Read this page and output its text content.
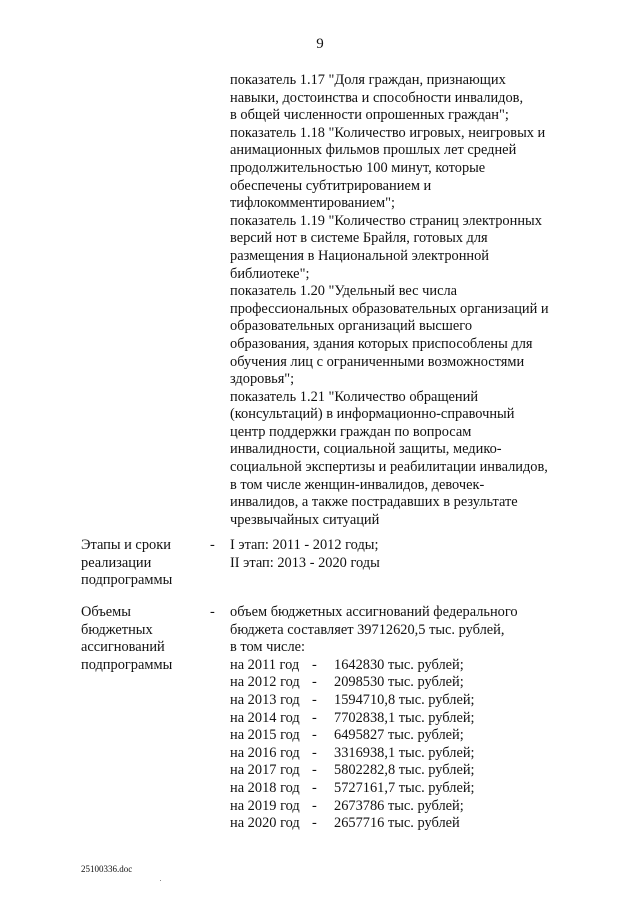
9
показатель 1.17 "Доля граждан, признающих
навыки, достоинства и способности инвалидов,
в общей численности опрошенных граждан";
показатель 1.18 "Количество игровых, неигровых и
анимационных фильмов прошлых лет средней
продолжительностью 100 минут, которые
обеспечены субтитрированием и
тифлокомментированием";
показатель 1.19 "Количество страниц электронных
версий нот в системе Брайля, готовых для
размещения в Национальной электронной
библиотеке";
показатель 1.20 "Удельный вес числа
профессиональных образовательных организаций и
образовательных организаций высшего
образования, здания которых приспособлены для
обучения лиц с ограниченными возможностями
здоровья";
показатель 1.21 "Количество обращений
(консультаций) в информационно-справочный
центр поддержки граждан по вопросам
инвалидности, социальной защиты, медико-
социальной экспертизы и реабилитации инвалидов,
в том числе женщин-инвалидов, девочек-
инвалидов, а также пострадавших в результате
чрезвычайных ситуаций
Этапы и сроки
реализации
подпрограммы
- I этап: 2011 - 2012 годы;
II этап: 2013 - 2020 годы
Объемы
бюджетных
ассигнований
подпрограммы
- объем бюджетных ассигнований федерального
бюджета составляет 39712620,5 тыс. рублей,
в том числе:
на 2011 год -	1642830 тыс. рублей;
на 2012 год -	2098530 тыс. рублей;
на 2013 год -	1594710,8 тыс. рублей;
на 2014 год -	7702838,1 тыс. рублей;
на 2015 год -	6495827 тыс. рублей;
на 2016 год -	3316938,1 тыс. рублей;
на 2017 год -	5802282,8 тыс. рублей;
на 2018 год -	5727161,7 тыс. рублей;
на 2019 год -	2673786 тыс. рублей;
на 2020 год -	2657716 тыс. рублей
25100336.doc
